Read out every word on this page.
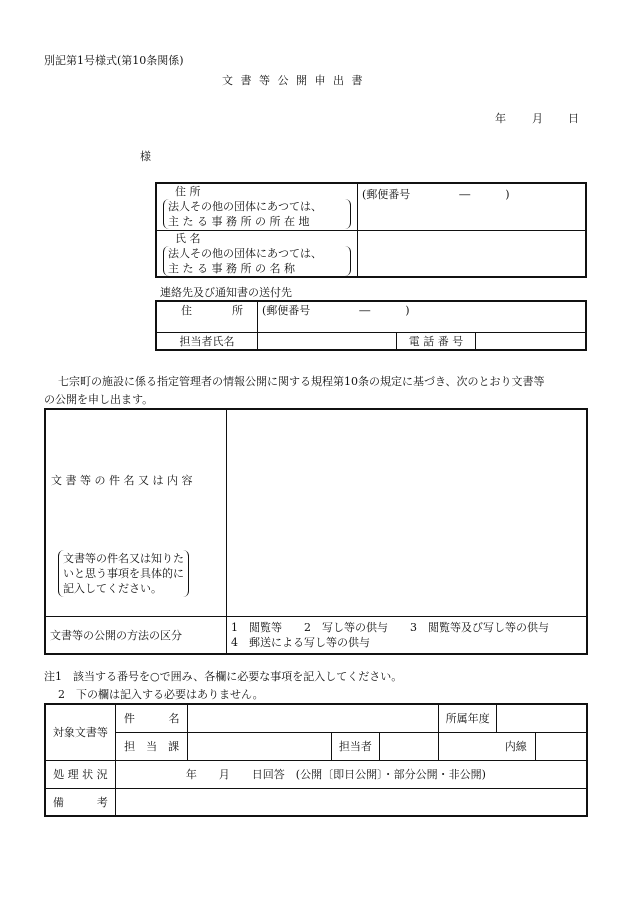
別記第1号様式(第10条関係)
文 書 等 公 開 申 出 書
年 月 日
様
住 所
法人その他の団体にあつては、
主 た る 事 務 所 の 所 在 地	(郵便番号 ― )

氏 名
法人その他の団体にあつては、
主 た る 事 務 所 の 名 称	

連絡先及び通知書の送付先
住 所	(郵便番号 ― )		
担当者氏名		電 話 番 号	
七宗町の施設に係る指定管理者の情報公開に関する規程第10条の規定に基づき、次のとおり文書等
の公開を申し出ます。
文 書 等 の 件 名 又 は 内 容
文書等の件名又は知りた
いと思う事項を具体的に
記入してください。	

文書等の公開の方法の区分	1　閲覧等　　2　写し等の供与　　3　閲覧等及び写し等の供与
4　郵送による写し等の供与
注1　該当する番号を○で囲み、各欄に必要な事項を記入してください。
2　下の欄は記入する必要はありません。
対象文書等	件 名				所属年度		
	担　当　課		担当者			内線	
処 理 状 況	年　　月　　日回答　(公開〔即日公開〕・部分公開・非公開)						
備　　　考							
